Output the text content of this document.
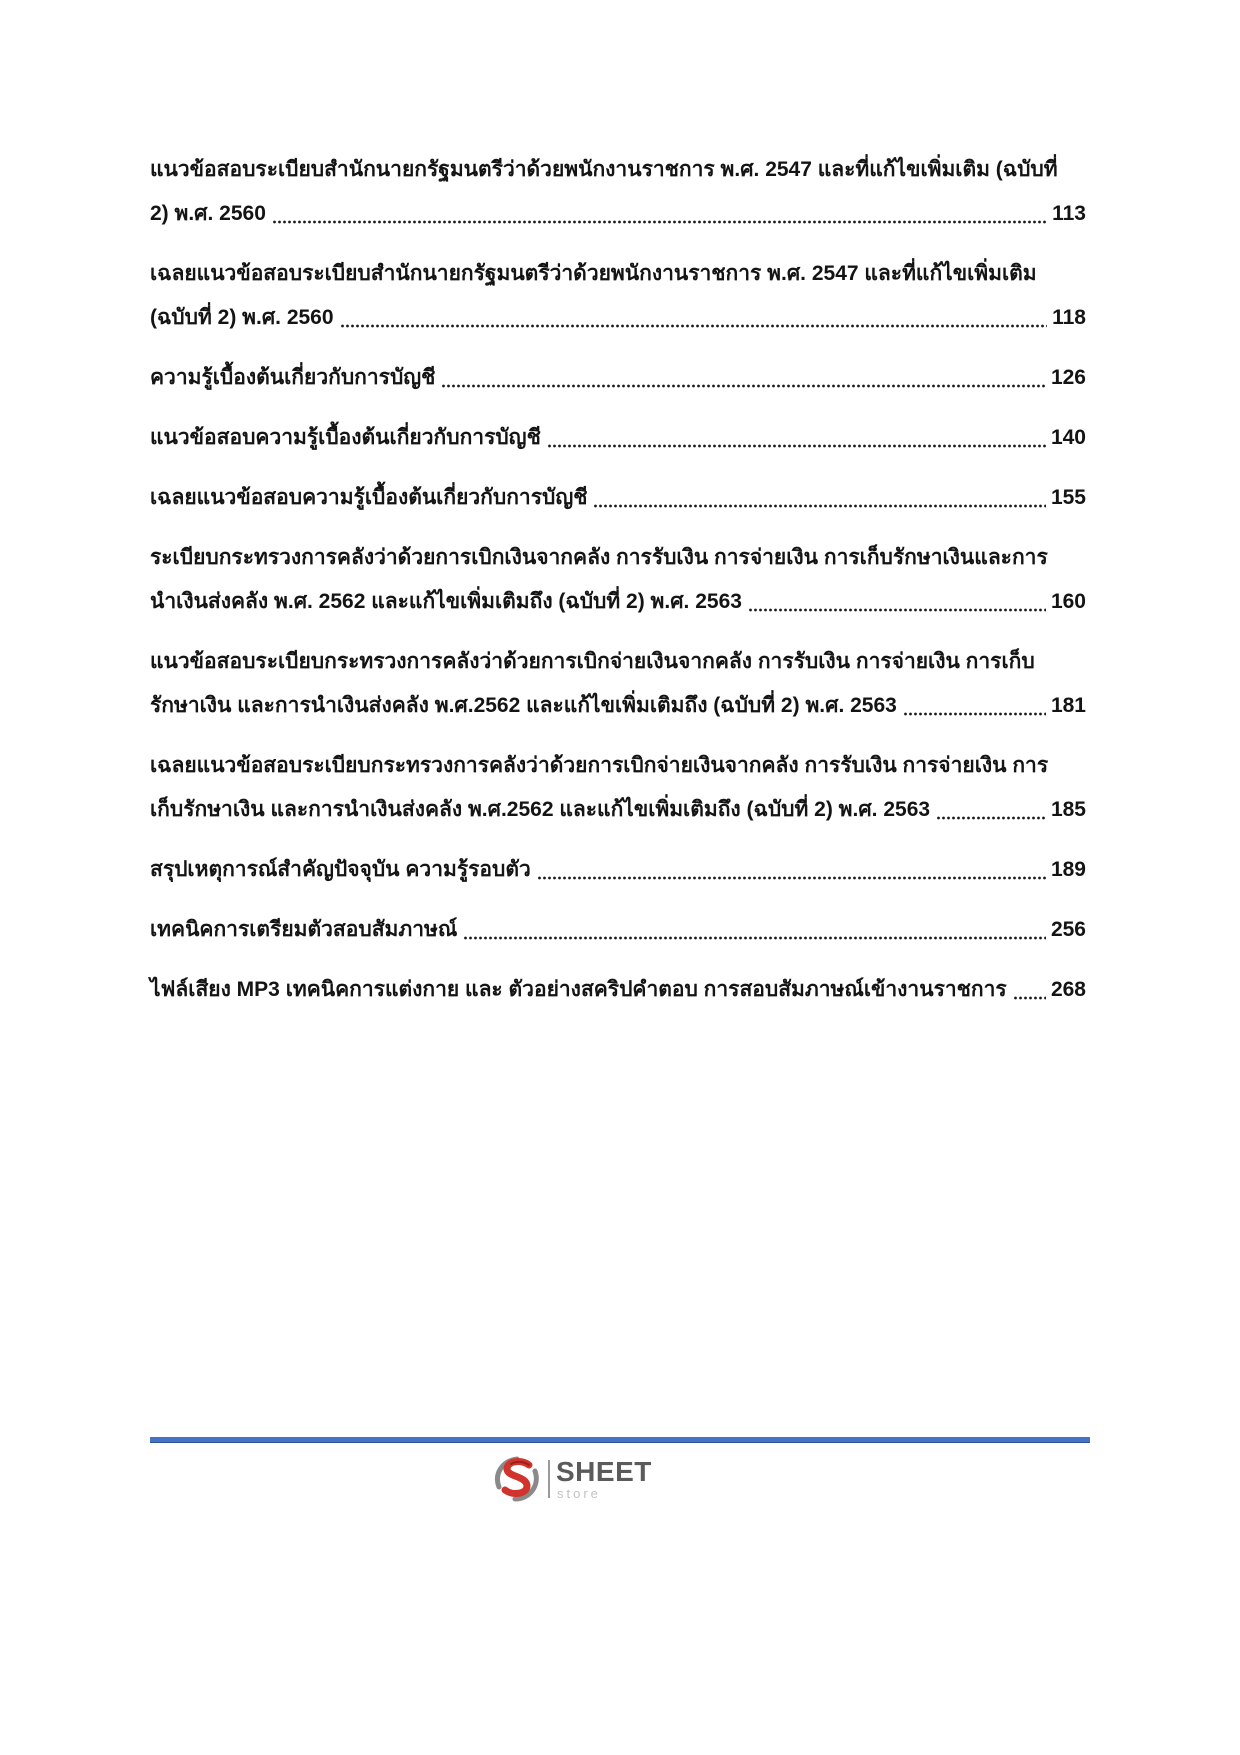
แนวข้อสอบระเบียบสำนักนายกรัฐมนตรีว่าด้วยพนักงานราชการ พ.ศ. 2547 และที่แก้ไขเพิ่มเติม (ฉบับที่
2) พ.ศ. 2560	113
เฉลยแนวข้อสอบระเบียบสำนักนายกรัฐมนตรีว่าด้วยพนักงานราชการ พ.ศ. 2547 และที่แก้ไขเพิ่มเติม
(ฉบับที่ 2) พ.ศ. 2560	118
ความรู้เบื้องต้นเกี่ยวกับการบัญชี	126
แนวข้อสอบความรู้เบื้องต้นเกี่ยวกับการบัญชี	140
เฉลยแนวข้อสอบความรู้เบื้องต้นเกี่ยวกับการบัญชี	155
ระเบียบกระทรวงการคลังว่าด้วยการเบิกเงินจากคลัง การรับเงิน การจ่ายเงิน การเก็บรักษาเงินและการ
นำเงินส่งคลัง พ.ศ. 2562 และแก้ไขเพิ่มเติมถึง (ฉบับที่ 2) พ.ศ. 2563	160
แนวข้อสอบระเบียบกระทรวงการคลังว่าด้วยการเบิกจ่ายเงินจากคลัง การรับเงิน การจ่ายเงิน การเก็บ
รักษาเงิน และการนำเงินส่งคลัง พ.ศ.2562 และแก้ไขเพิ่มเติมถึง (ฉบับที่ 2) พ.ศ. 2563	181
เฉลยแนวข้อสอบระเบียบกระทรวงการคลังว่าด้วยการเบิกจ่ายเงินจากคลัง การรับเงิน การจ่ายเงิน การ
เก็บรักษาเงิน และการนำเงินส่งคลัง พ.ศ.2562 และแก้ไขเพิ่มเติมถึง (ฉบับที่ 2) พ.ศ. 2563	185
สรุปเหตุการณ์สำคัญปัจจุบัน ความรู้รอบตัว	189
เทคนิคการเตรียมตัวสอบสัมภาษณ์	256
ไฟล์เสียง MP3 เทคนิคการแต่งกาย และ ตัวอย่างสคริปคำตอบ การสอบสัมภาษณ์เข้างานราชการ 268
SHEET
store
